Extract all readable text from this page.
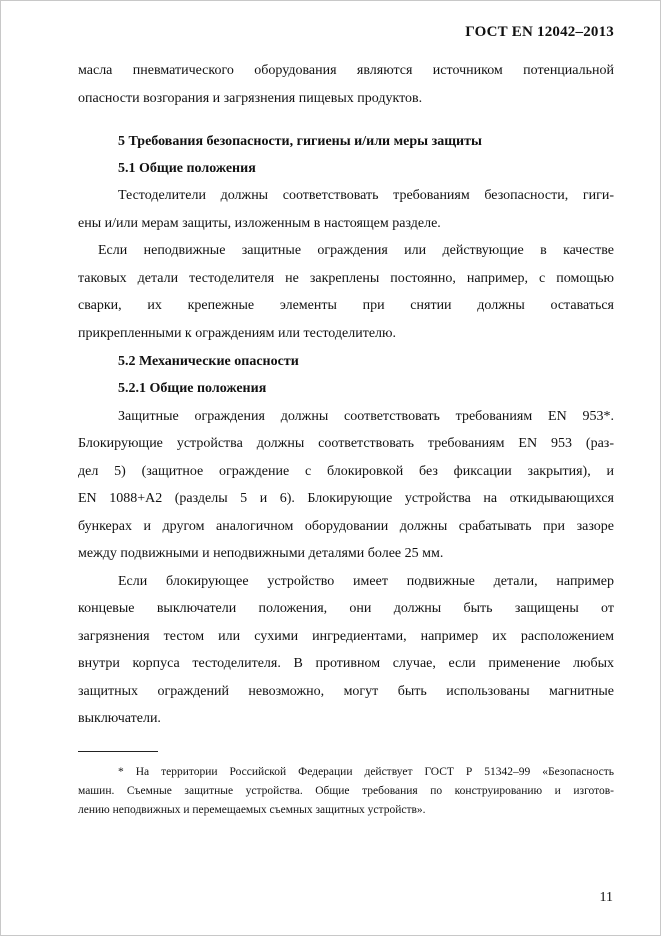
ГОСТ EN 12042–2013
масла пневматического оборудования являются источником потенциальной
опасности возгорания и загрязнения пищевых продуктов.
5 Требования безопасности, гигиены и/или меры защиты
5.1 Общие положения
Тестоделители должны соответствовать требованиям безопасности, гиги-
ены и/или мерам защиты, изложенным в настоящем разделе.
Если неподвижные защитные ограждения или действующие в качестве
таковых детали тестоделителя не закреплены постоянно, например, с помощью
сварки, их крепежные элементы при снятии должны оставаться
прикрепленными к ограждениям или тестоделителю.
5.2 Механические опасности
5.2.1 Общие положения
Защитные ограждения должны соответствовать требованиям EN 953*.
Блокирующие устройства должны соответствовать требованиям EN 953 (раз-
дел 5) (защитное ограждение с блокировкой без фиксации закрытия), и
EN 1088+A2 (разделы 5 и 6). Блокирующие устройства на откидывающихся
бункерах и другом аналогичном оборудовании должны срабатывать при зазоре
между подвижными и неподвижными деталями более 25 мм.
Если блокирующее устройство имеет подвижные детали, например
концевые выключатели положения, они должны быть защищены от
загрязнения тестом или сухими ингредиентами, например их расположением
внутри корпуса тестоделителя. В противном случае, если применение любых
защитных ограждений невозможно, могут быть использованы магнитные
выключатели.
* На территории Российской Федерации действует ГОСТ Р 51342–99 «Безопасность
машин. Съемные защитные устройства. Общие требования по конструированию и изготов-
лению неподвижных и перемещаемых съемных защитных устройств».
11
